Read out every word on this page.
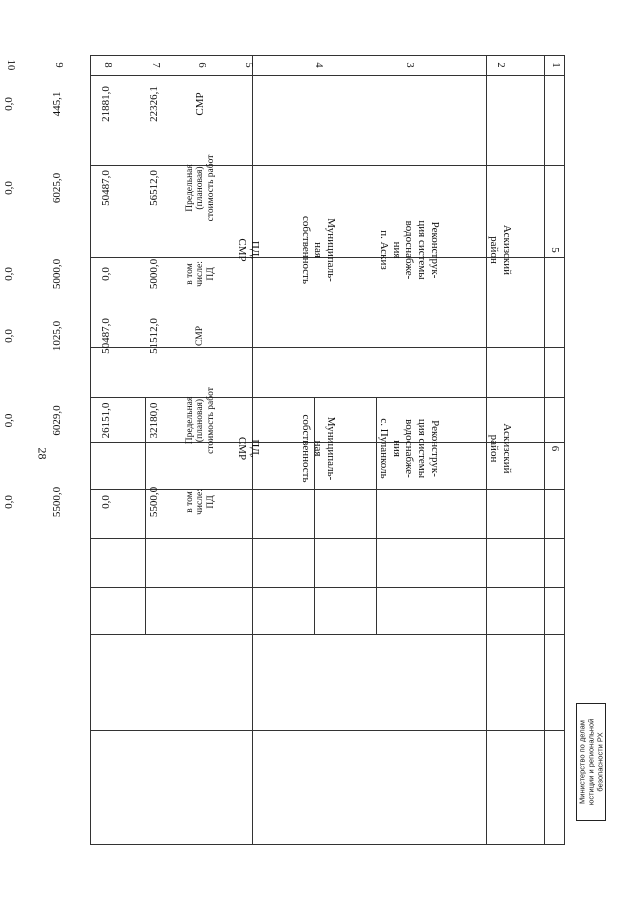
28
1
2
3
4
5
6
7
8
9
10
СМР
22326,1
21881,0
445,1
0,0
5
Аскизский район
Реконструк-
ция системы
водоснабже-
ния
п. Аскиз
Муниципаль-
ная
собственность
ПД,
СМР
Предельная (плановая) стоимость работ
56512,0
50487,0
6025,0
0,0
в том числе: ПД
5000,0
0,0
5000,0
0,0
СМР
51512,0
50487,0
1025,0
0,0
6
Аскизский район
Реконструк-
ция системы
водоснабже-
ния
с. Пуланколь
Муниципаль-
ная
собственность
ПД,
СМР
Предельная (плановая) стоимость работ
32180,0
26151,0
6029,0
0,0
в том числе: ПД
5500,0
0,0
5500,0
0,0
Министерство по делам юстиции и региональной безопасности РХ
